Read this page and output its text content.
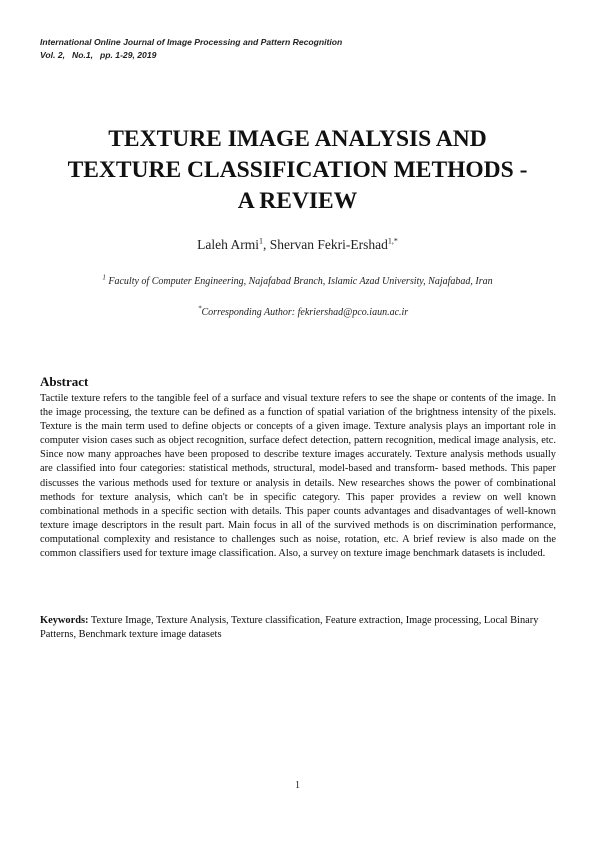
International Online Journal of Image Processing and Pattern Recognition
Vol. 2, No.1, pp. 1-29, 2019
TEXTURE IMAGE ANALYSIS AND
TEXTURE CLASSIFICATION METHODS -
A REVIEW
Laleh Armi$^1$, Shervan Fekri-Ershad$^{1,*}$
$^1$ Faculty of Computer Engineering, Najafabad Branch, Islamic Azad University, Najafabad, Iran
*Corresponding Author: fekriershad@pco.iaun.ac.ir
Abstract
Tactile texture refers to the tangible feel of a surface and visual texture refers to see the shape or contents of the image. In the image processing, the texture can be defined as a function of spatial variation of the brightness intensity of the pixels. Texture is the main term used to define objects or concepts of a given image. Texture analysis plays an important role in computer vision cases such as object recognition, surface defect detection, pattern recognition, medical image analysis, etc. Since now many approaches have been proposed to describe texture images accurately. Texture analysis methods usually are classified into four categories: statistical methods, structural, model-based and transform- based methods. This paper discusses the various methods used for texture or analysis in details. New researches shows the power of combinational methods for texture analysis, which can't be in specific category. This paper provides a review on well known combinational methods in a specific section with details. This paper counts advantages and disadvantages of well-known texture image descriptors in the result part. Main focus in all of the survived methods is on discrimination performance, computational complexity and resistance to challenges such as noise, rotation, etc. A brief review is also made on the common classifiers used for texture image classification. Also, a survey on texture image benchmark datasets is included.
Keywords: Texture Image, Texture Analysis, Texture classification, Feature extraction, Image processing, Local Binary Patterns, Benchmark texture image datasets
1
